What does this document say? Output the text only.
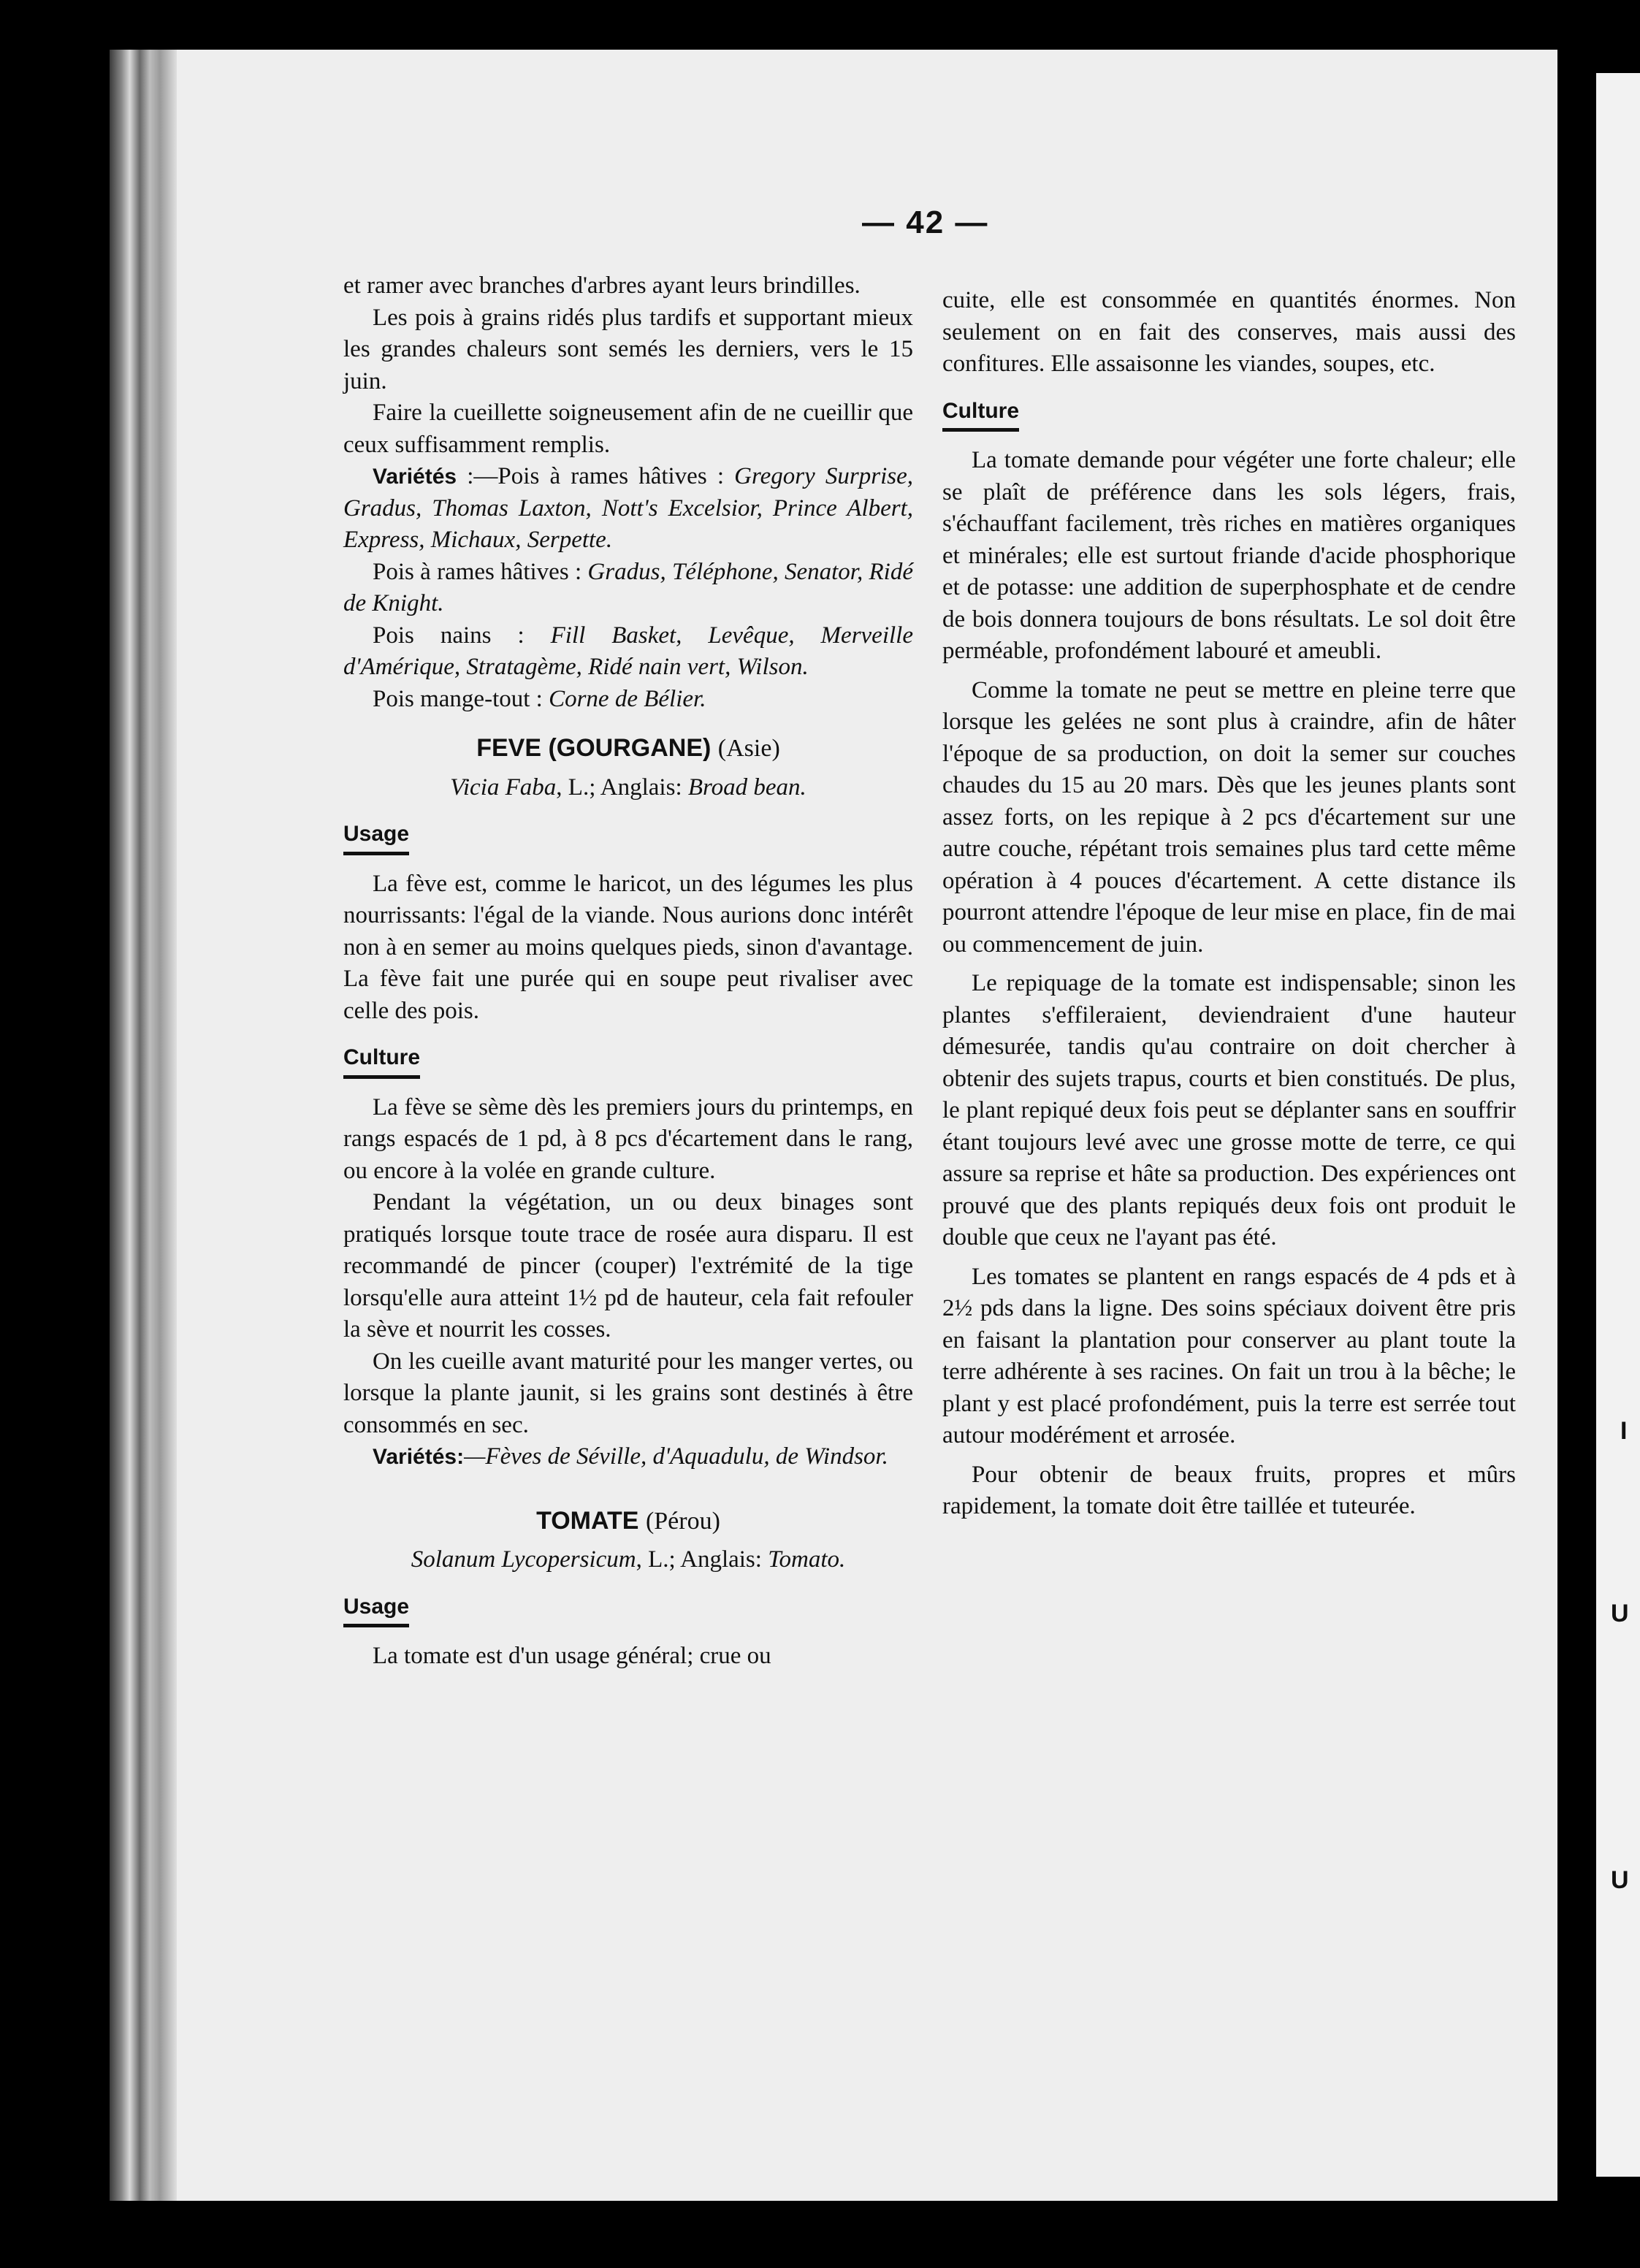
— 42 —

et ramer avec branches d'arbres ayant leurs brindilles.

Les pois à grains ridés plus tardifs et supportant mieux les grandes chaleurs sont semés les derniers, vers le 15 juin.

Faire la cueillette soigneusement afin de ne cueillir que ceux suffisamment remplis.

Variétés :—Pois à rames hâtives : Gregory Surprise, Gradus, Thomas Laxton, Nott's Excelsior, Prince Albert, Express, Michaux, Serpette.

Pois à rames hâtives : Gradus, Téléphone, Senator, Ridé de Knight.

Pois nains : Fill Basket, Levêque, Merveille d'Amérique, Stratagème, Ridé nain vert, Wilson.

Pois mange-tout : Corne de Bélier.

FEVE (GOURGANE) (Asie)

Vicia Faba, L.; Anglais: Broad bean.

Usage

La fève est, comme le haricot, un des légumes les plus nourrissants: l'égal de la viande. Nous aurions donc intérêt non à en semer au moins quelques pieds, sinon d'avantage. La fève fait une purée qui en soupe peut rivaliser avec celle des pois.

Culture

La fève se sème dès les premiers jours du printemps, en rangs espacés de 1 pd, à 8 pcs d'écartement dans le rang, ou encore à la volée en grande culture.

Pendant la végétation, un ou deux binages sont pratiqués lorsque toute trace de rosée aura disparu. Il est recommandé de pincer (couper) l'extrémité de la tige lorsqu'elle aura atteint 1½ pd de hauteur, cela fait refouler la sève et nourrit les cosses.

On les cueille avant maturité pour les manger vertes, ou lorsque la plante jaunit, si les grains sont destinés à être consommés en sec.

Variétés:—Fèves de Séville, d'Aquadulu, de Windsor.

TOMATE (Pérou)

Solanum Lycopersicum, L.; Anglais: Tomato.

Usage

La tomate est d'un usage général; crue ou

cuite, elle est consommée en quantités énormes. Non seulement on en fait des conserves, mais aussi des confitures. Elle assaisonne les viandes, soupes, etc.

Culture

La tomate demande pour végéter une forte chaleur; elle se plaît de préférence dans les sols légers, frais, s'échauffant facilement, très riches en matières organiques et minérales; elle est surtout friande d'acide phosphorique et de potasse: une addition de superphosphate et de cendre de bois donnera toujours de bons résultats. Le sol doit être perméable, profondément labouré et ameubli.

Comme la tomate ne peut se mettre en pleine terre que lorsque les gelées ne sont plus à craindre, afin de hâter l'époque de sa production, on doit la semer sur couches chaudes du 15 au 20 mars. Dès que les jeunes plants sont assez forts, on les repique à 2 pcs d'écartement sur une autre couche, répétant trois semaines plus tard cette même opération à 4 pouces d'écartement. A cette distance ils pourront attendre l'époque de leur mise en place, fin de mai ou commencement de juin.

Le repiquage de la tomate est indispensable; sinon les plantes s'effileraient, deviendraient d'une hauteur démesurée, tandis qu'au contraire on doit chercher à obtenir des sujets trapus, courts et bien constitués. De plus, le plant repiqué deux fois peut se déplanter sans en souffrir étant toujours levé avec une grosse motte de terre, ce qui assure sa reprise et hâte sa production. Des expériences ont prouvé que des plants repiqués deux fois ont produit le double que ceux ne l'ayant pas été.

Les tomates se plantent en rangs espacés de 4 pds et à 2½ pds dans la ligne. Des soins spéciaux doivent être pris en faisant la plantation pour conserver au plant toute la terre adhérente à ses racines. On fait un trou à la bêche; le plant y est placé profondément, puis la terre est serrée tout autour modérément et arrosée.

Pour obtenir de beaux fruits, propres et mûrs rapidement, la tomate doit être taillée et tuteurée.

I
U
U
